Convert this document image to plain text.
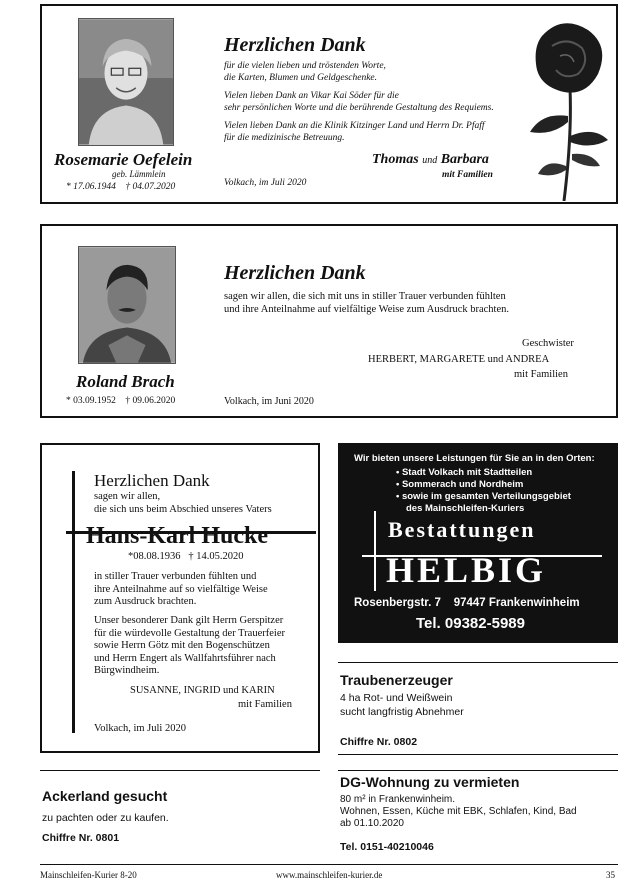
Herzlichen Dank
für die vielen lieben und tröstenden Worte,
die Karten, Blumen und Geldgeschenke.
Vielen lieben Dank an Vikar Kai Söder für die
sehr persönlichen Worte und die berührende Gestaltung des Requiems.
Vielen lieben Dank an die Klinik Kitzinger Land und Herrn Dr. Pfaff
für die medizinische Betreuung.
Rosemarie Oefelein
geb. Lämmlein
* 17.06.1944    † 04.07.2020	Volkach, im Juli 2020
Thomas und Barbara
mit Familien
Herzlichen Dank
sagen wir allen, die sich mit uns in stiller Trauer verbunden fühlten
und ihre Anteilnahme auf vielfältige Weise zum Ausdruck brachten.
Geschwister
HERBERT, MARGARETE und ANDREA
mit Familien
Roland Brach
* 03.09.1952    † 09.06.2020	Volkach, im Juni 2020
Herzlichen Dank
sagen wir allen,
die sich uns beim Abschied unseres Vaters
Hans-Karl Hucke
*08.08.1936   † 14.05.2020
in stiller Trauer verbunden fühlten und
ihre Anteilnahme auf so vielfältige Weise
zum Ausdruck brachten.
Unser besonderer Dank gilt Herrn Gerspitzer
für die würdevolle Gestaltung der Trauerfeier
sowie Herrn Götz mit den Bogenschützen
und Herrn Engert als Wallfahrtsführer nach
Bürgwindheim.
SUSANNE, INGRID und KARIN
mit Familien
Volkach, im Juli 2020
Wir bieten unsere Leistungen für Sie an in den Orten:
• Stadt Volkach mit Stadtteilen
• Sommerach und Nordheim
• sowie im gesamten Verteilungsgebiet
des Mainschleifen-Kuriers
Bestattungen
HELBIG
Rosenbergstr. 7    97447 Frankenwinheim
Tel. 09382-5989
Traubenerzeuger
4 ha Rot- und Weißwein
sucht langfristig Abnehmer
Chiffre Nr. 0802
Ackerland gesucht
zu pachten oder zu kaufen.
Chiffre Nr. 0801
DG-Wohnung zu vermieten
80 m² in Frankenwinheim.
Wohnen, Essen, Küche mit EBK, Schlafen, Kind, Bad
ab 01.10.2020
Tel. 0151-40210046
Mainschleifen-Kurier 8-20	www.mainschleifen-kurier.de	35
